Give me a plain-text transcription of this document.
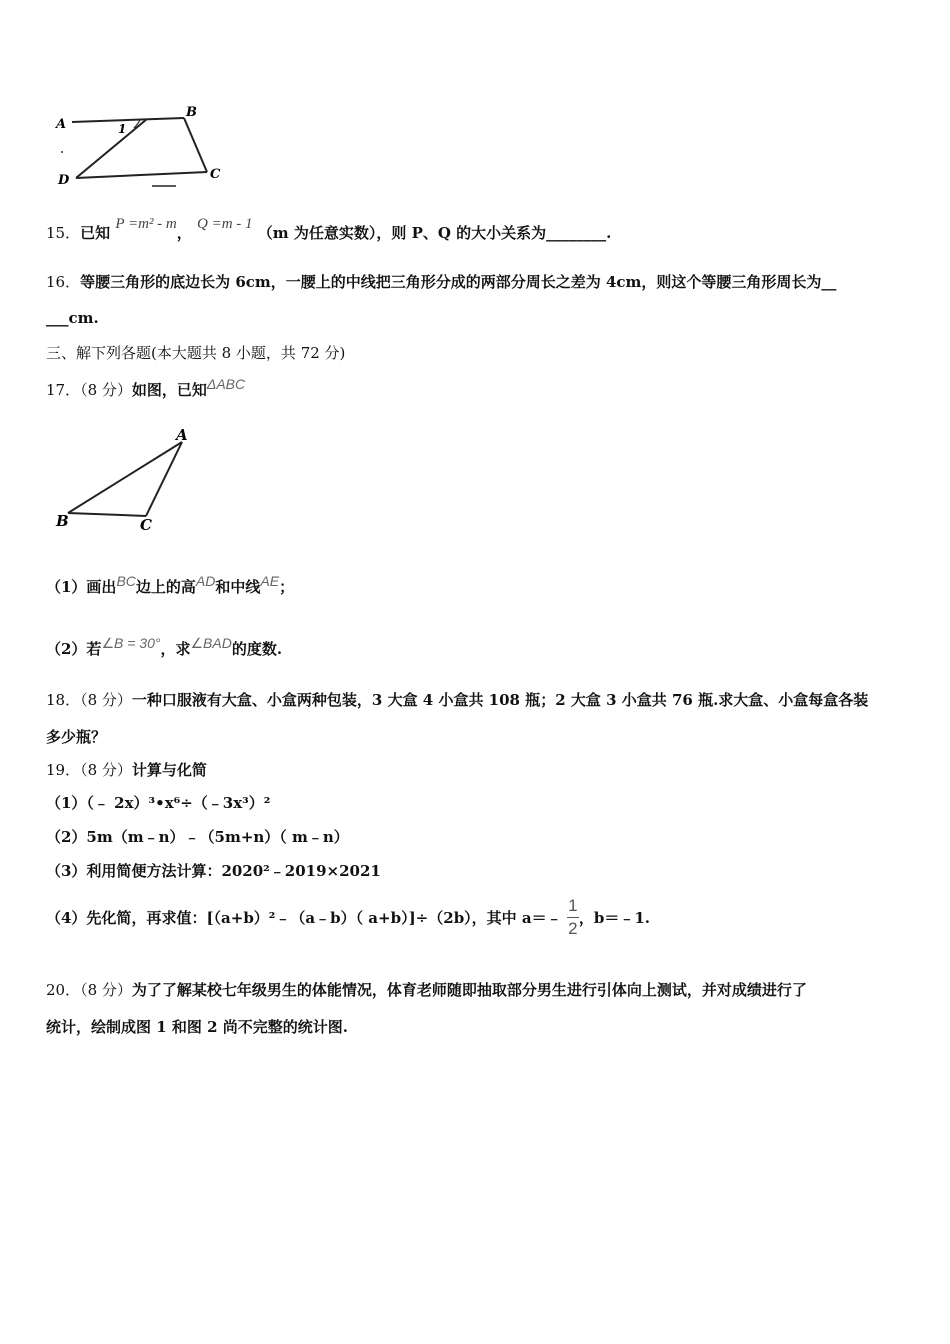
A
B
C
D
1
15．已知 P =m² - m， Q =m - 1 （m 为任意实数），则 P、Q 的大小关系为________.
16．等腰三角形的底边长为 6cm，一腰上的中线把三角形分成的两部分周长之差为 4cm，则这个等腰三角形周长为__
___cm.
三、解下列各题(本大题共 8 小题，共 72 分)
17．（8 分）如图，已知ΔABC
A
B	C
（1）画出BC边上的高AD和中线AE；
（2）若∠B = 30°，求∠BAD的度数.
18．（8 分）一种口服液有大盒、小盒两种包装，3 大盒 4 小盒共 108 瓶；2 大盒 3 小盒共 76 瓶.求大盒、小盒每盒各装
多少瓶？
19．（8 分）计算与化简
（1）（﹣ 2x）³•x⁶÷（﹣3x³）²
（2）5m（m﹣n）﹣（5m+n）（ m﹣n）
（3）利用简便方法计算：2020²﹣2019×2021
（4）先化简，再求值：[（a+b）²﹣（a﹣b）（ a+b）]÷（2b），其中 a＝﹣ $\frac{1}{2}$ ，b＝﹣1.
20．（8 分）为了了解某校七年级男生的体能情况，体育老师随即抽取部分男生进行引体向上测试，并对成绩进行了
统计，绘制成图 1 和图 2 尚不完整的统计图.
